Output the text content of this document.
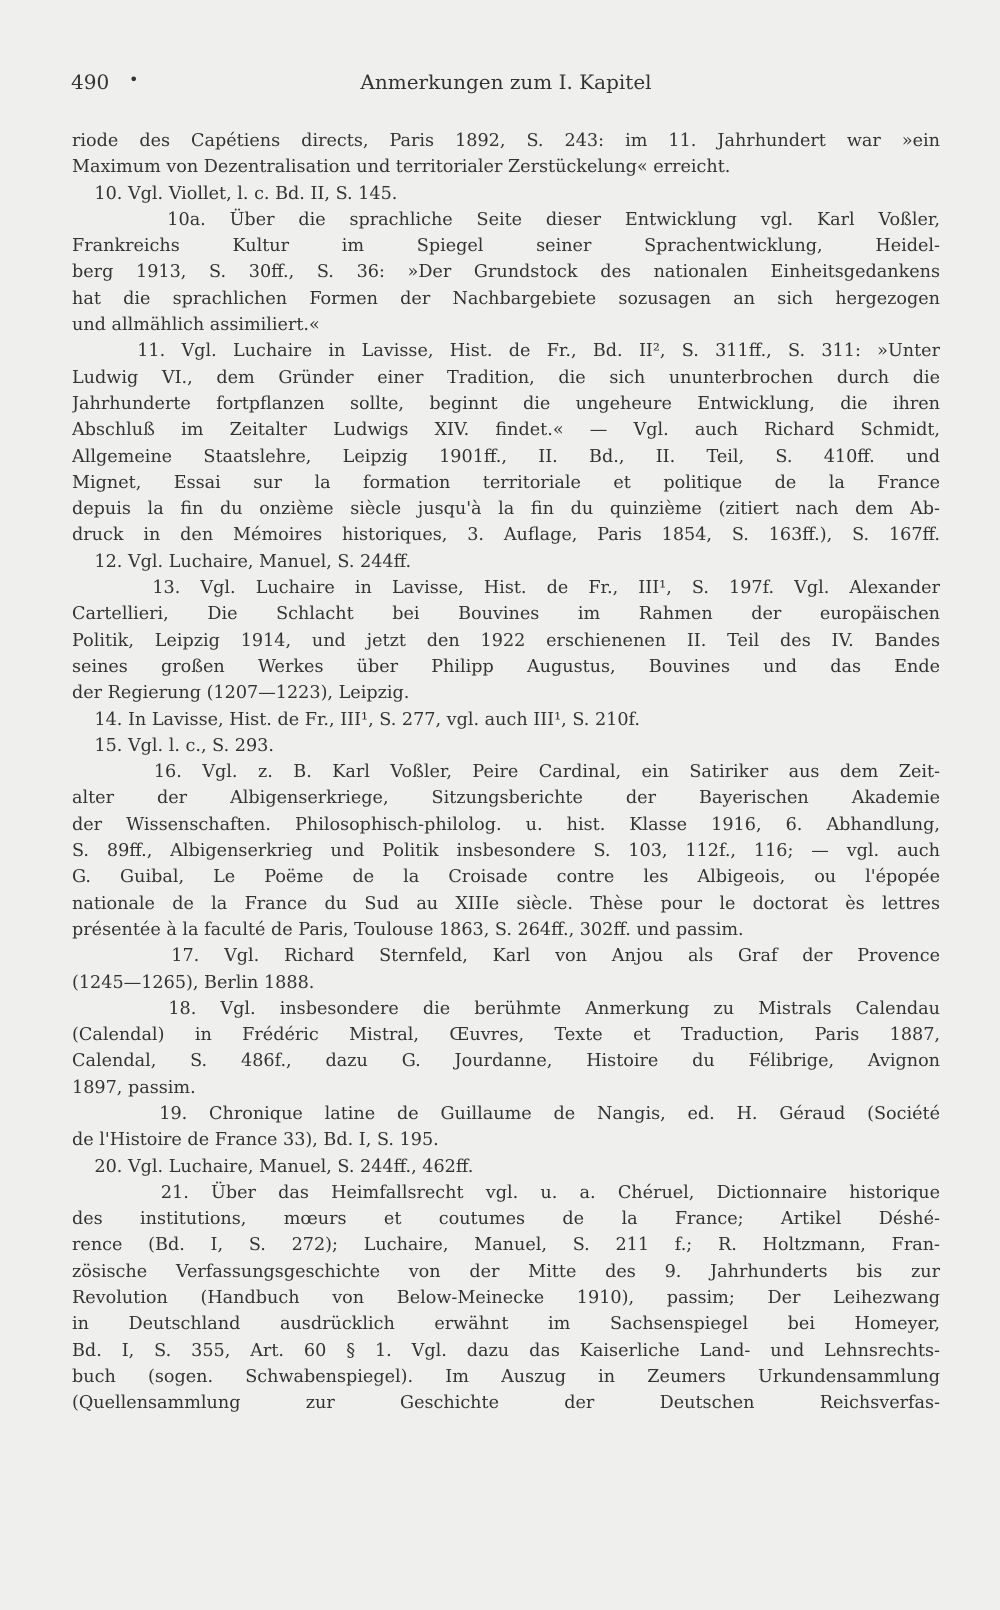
490 •	Anmerkungen zum I. Kapitel
riode des Capétiens directs, Paris 1892, S. 243: im 11. Jahrhundert war »ein
Maximum von Dezentralisation und territorialer Zerstückelung« erreicht.
10. Vgl. Viollet, l. c. Bd. II, S. 145.
10a. Über die sprachliche Seite dieser Entwicklung vgl. Karl Voßler,
Frankreichs Kultur im Spiegel seiner Sprachentwicklung, Heidel-
berg 1913, S. 30ff., S. 36: »Der Grundstock des nationalen Einheitsgedankens
hat die sprachlichen Formen der Nachbargebiete sozusagen an sich hergezogen
und allmählich assimiliert.«
11. Vgl. Luchaire in Lavisse, Hist. de Fr., Bd. II², S. 311ff., S. 311: »Unter
Ludwig VI., dem Gründer einer Tradition, die sich ununterbrochen durch die
Jahrhunderte fortpflanzen sollte, beginnt die ungeheure Entwicklung, die ihren
Abschluß im Zeitalter Ludwigs XIV. findet.« — Vgl. auch Richard Schmidt,
Allgemeine Staatslehre, Leipzig 1901ff., II. Bd., II. Teil, S. 410ff. und
Mignet, Essai sur la formation territoriale et politique de la France
depuis la fin du onzième siècle jusqu'à la fin du quinzième (zitiert nach dem Ab-
druck in den Mémoires historiques, 3. Auflage, Paris 1854, S. 163ff.), S. 167ff.
12. Vgl. Luchaire, Manuel, S. 244ff.
13. Vgl. Luchaire in Lavisse, Hist. de Fr., III¹, S. 197f. Vgl. Alexander
Cartellieri, Die Schlacht bei Bouvines im Rahmen der europäischen
Politik, Leipzig 1914, und jetzt den 1922 erschienenen II. Teil des IV. Bandes
seines großen Werkes über Philipp Augustus, Bouvines und das Ende
der Regierung (1207—1223), Leipzig.
14. In Lavisse, Hist. de Fr., III¹, S. 277, vgl. auch III¹, S. 210f.
15. Vgl. l. c., S. 293.
16. Vgl. z. B. Karl Voßler, Peire Cardinal, ein Satiriker aus dem Zeit-
alter der Albigenserkriege, Sitzungsberichte der Bayerischen Akademie
der Wissenschaften. Philosophisch-philolog. u. hist. Klasse 1916, 6. Abhandlung,
S. 89ff., Albigenserkrieg und Politik insbesondere S. 103, 112f., 116; — vgl. auch
G. Guibal, Le Poëme de la Croisade contre les Albigeois, ou l'épopée
nationale de la France du Sud au XIIIe siècle. Thèse pour le doctorat ès lettres
présentée à la faculté de Paris, Toulouse 1863, S. 264ff., 302ff. und passim.
17. Vgl. Richard Sternfeld, Karl von Anjou als Graf der Provence
(1245—1265), Berlin 1888.
18. Vgl. insbesondere die berühmte Anmerkung zu Mistrals Calendau
(Calendal) in Frédéric Mistral, Œuvres, Texte et Traduction, Paris 1887,
Calendal, S. 486f., dazu G. Jourdanne, Histoire du Félibrige, Avignon
1897, passim.
19. Chronique latine de Guillaume de Nangis, ed. H. Géraud (Société
de l'Histoire de France 33), Bd. I, S. 195.
20. Vgl. Luchaire, Manuel, S. 244ff., 462ff.
21. Über das Heimfallsrecht vgl. u. a. Chéruel, Dictionnaire historique
des institutions, mœurs et coutumes de la France; Artikel Déshé-
rence (Bd. I, S. 272); Luchaire, Manuel, S. 211 f.; R. Holtzmann, Fran-
zösische Verfassungsgeschichte von der Mitte des 9. Jahrhunderts bis zur
Revolution (Handbuch von Below-Meinecke 1910), passim; Der Leihezwang
in Deutschland ausdrücklich erwähnt im Sachsenspiegel bei Homeyer,
Bd. I, S. 355, Art. 60 § 1. Vgl. dazu das Kaiserliche Land- und Lehnsrechts-
buch (sogen. Schwabenspiegel). Im Auszug in Zeumers Urkundensammlung
(Quellensammlung zur Geschichte der Deutschen Reichsverfas-
